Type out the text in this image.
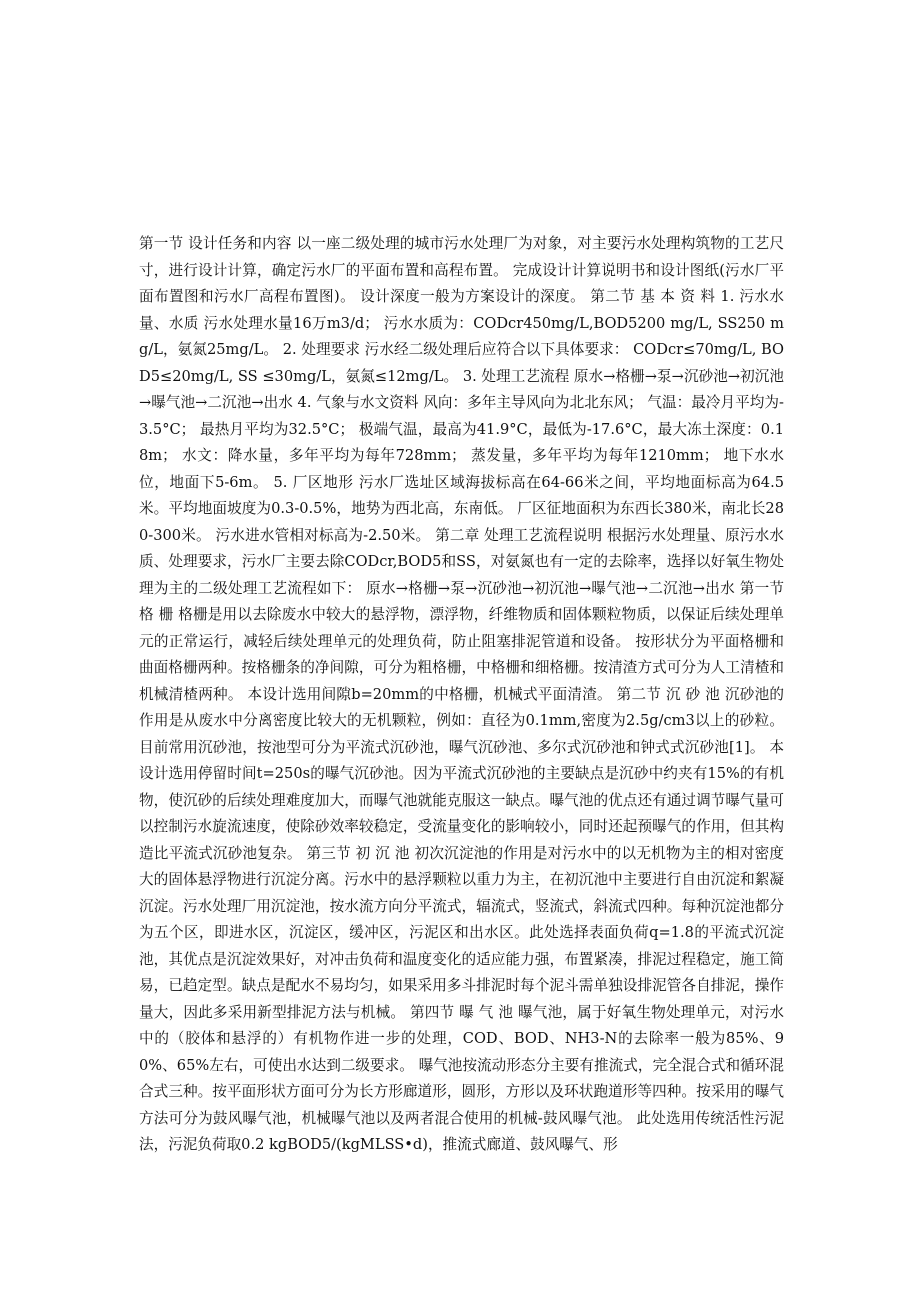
第一节 设计任务和内容 以一座二级处理的城市污水处理厂为对象，对主要污水处理构筑物的工艺尺寸，进行设计计算，确定污水厂的平面布置和高程布置。 完成设计计算说明书和设计图纸(污水厂平面布置图和污水厂高程布置图)。 设计深度一般为方案设计的深度。 第二节 基 本 资 料 1. 污水水量、水质 污水处理水量16万m3/d； 污水水质为：CODcr450mg/L,BOD5200 mg/L, SS250 mg/L，氨氮25mg/L。 2. 处理要求 污水经二级处理后应符合以下具体要求： CODcr≤70mg/L, BOD5≤20mg/L, SS ≤30mg/L，氨氮≤12mg/L。 3. 处理工艺流程 原水→格栅→泵→沉砂池→初沉池→曝气池→二沉池→出水 4. 气象与水文资料 风向：多年主导风向为北北东风； 气温：最冷月平均为-3.5°C； 最热月平均为32.5°C； 极端气温，最高为41.9°C，最低为-17.6°C，最大冻土深度：0.18m； 水文：降水量，多年平均为每年728mm； 蒸发量，多年平均为每年1210mm； 地下水水位，地面下5-6m。 5. 厂区地形 污水厂选址区域海拔标高在64-66米之间，平均地面标高为64.5米。平均地面坡度为0.3-0.5%，地势为西北高，东南低。 厂区征地面积为东西长380米，南北长280-300米。 污水进水管相对标高为-2.50米。 第二章 处理工艺流程说明 根据污水处理量、原污水水质、处理要求，污水厂主要去除CODcr,BOD5和SS，对氨氮也有一定的去除率，选择以好氧生物处理为主的二级处理工艺流程如下： 原水→格栅→泵→沉砂池→初沉池→曝气池→二沉池→出水 第一节 格 栅 格栅是用以去除废水中较大的悬浮物，漂浮物，纤维物质和固体颗粒物质，以保证后续处理单元的正常运行，减轻后续处理单元的处理负荷，防止阻塞排泥管道和设备。 按形状分为平面格栅和曲面格栅两种。按格栅条的净间隙，可分为粗格栅，中格栅和细格栅。按清渣方式可分为人工清楂和机械清楂两种。 本设计选用间隙b=20mm的中格栅，机械式平面清渣。 第二节 沉 砂 池 沉砂池的作用是从废水中分离密度比较大的无机颗粒，例如：直径为0.1mm,密度为2.5g/cm3以上的砂粒。目前常用沉砂池，按池型可分为平流式沉砂池，曝气沉砂池、多尔式沉砂池和钟式式沉砂池[1]。 本设计选用停留时间t=250s的曝气沉砂池。因为平流式沉砂池的主要缺点是沉砂中约夹有15%的有机物，使沉砂的后续处理难度加大，而曝气池就能克服这一缺点。曝气池的优点还有通过调节曝气量可以控制污水旋流速度，使除砂效率较稳定，受流量变化的影响较小，同时还起预曝气的作用，但其构造比平流式沉砂池复杂。 第三节 初 沉 池 初次沉淀池的作用是对污水中的以无机物为主的相对密度大的固体悬浮物进行沉淀分离。污水中的悬浮颗粒以重力为主，在初沉池中主要进行自由沉淀和絮凝沉淀。污水处理厂用沉淀池，按水流方向分平流式，辐流式，竖流式，斜流式四种。每种沉淀池都分为五个区，即进水区，沉淀区，缓冲区，污泥区和出水区。此处选择表面负荷q=1.8的平流式沉淀池，其优点是沉淀效果好，对冲击负荷和温度变化的适应能力强，布置紧凑，排泥过程稳定，施工简易，已趋定型。缺点是配水不易均匀，如果采用多斗排泥时每个泥斗需单独设排泥管各自排泥，操作量大，因此多采用新型排泥方法与机械。 第四节 曝 气 池 曝气池，属于好氧生物处理单元，对污水中的（胶体和悬浮的）有机物作进一步的处理，COD、BOD、NH3-N的去除率一般为85%、90%、65%左右，可使出水达到二级要求。 曝气池按流动形态分主要有推流式，完全混合式和循环混合式三种。按平面形状方面可分为长方形廊道形，圆形，方形以及环状跑道形等四种。按采用的曝气方法可分为鼓风曝气池，机械曝气池以及两者混合使用的机械-鼓风曝气池。 此处选用传统活性污泥法，污泥负荷取0.2 kgBOD5/(kgMLSS•d)，推流式廊道、鼓风曝气、形
